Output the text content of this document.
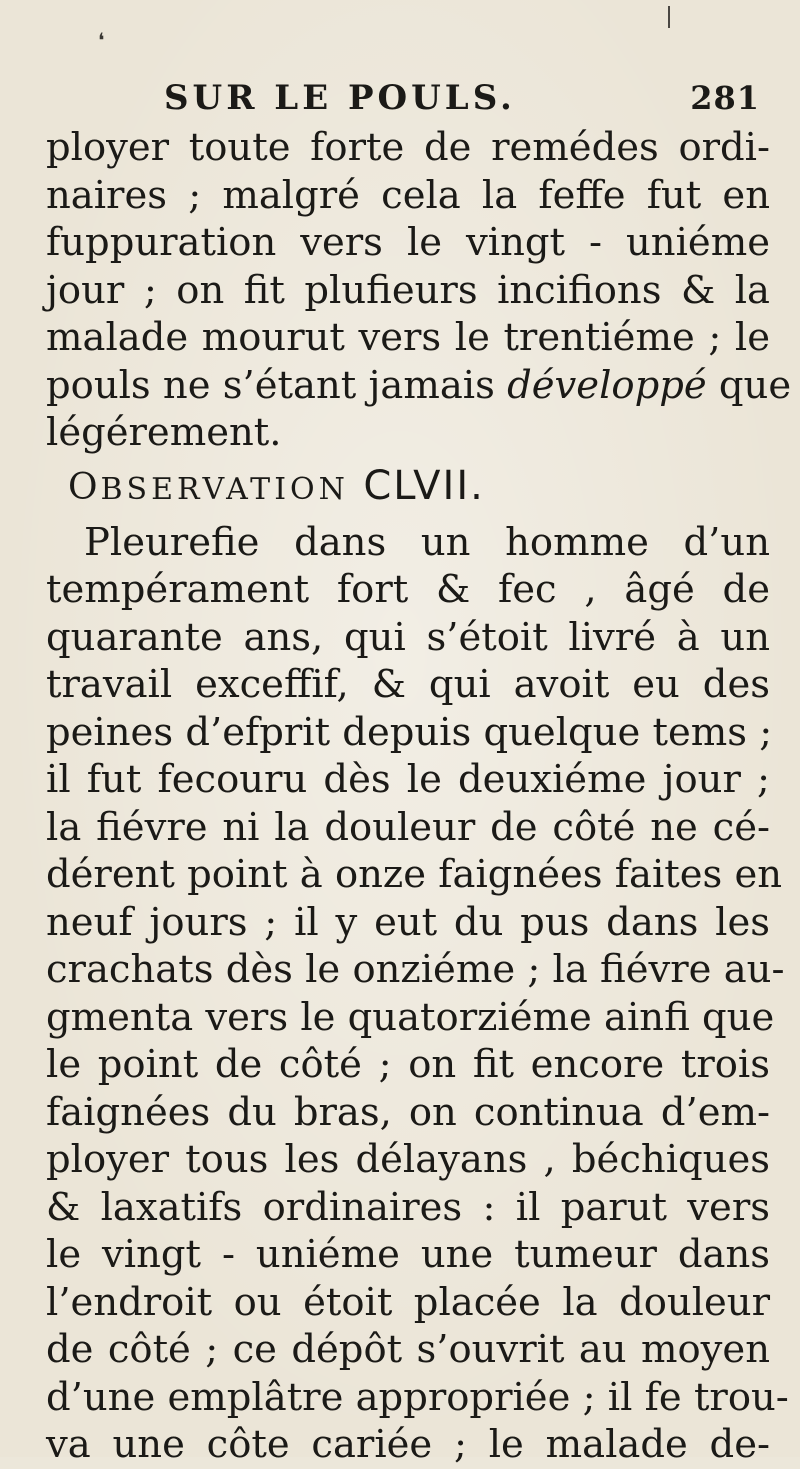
❛
SUR LE POULS.	281

ployer toute forte de remédes ordi-
naires ; malgré cela la feffe fut en
fuppuration vers le vingt - uniéme
jour ; on fit plufieurs incifions & la
malade mourut vers le trentiéme ; le
pouls ne s’étant jamais développé que
légérement.

OBSERVATION CLVII.

Pleurefie dans un homme d’un
tempérament fort & fec , âgé de
quarante ans, qui s’étoit livré à un
travail exceffif, & qui avoit eu des
peines d’efprit depuis quelque tems ;
il fut fecouru dès le deuxiéme jour ;
la fiévre ni la douleur de côté ne cé-
dérent point à onze faignées faites en
neuf jours ; il y eut du pus dans les
crachats dès le onziéme ; la fiévre au-
gmenta vers le quatorziéme ainfi que
le point de côté ; on fit encore trois
faignées du bras, on continua d’em-
ployer tous les délayans , béchiques
& laxatifs ordinaires : il parut vers
le vingt - uniéme une tumeur dans
l’endroit ou étoit placée la douleur
de côté ; ce dépôt s’ouvrit au moyen
d’une emplâtre appropriée ; il fe trou-
va une côte cariée ; le malade de-
